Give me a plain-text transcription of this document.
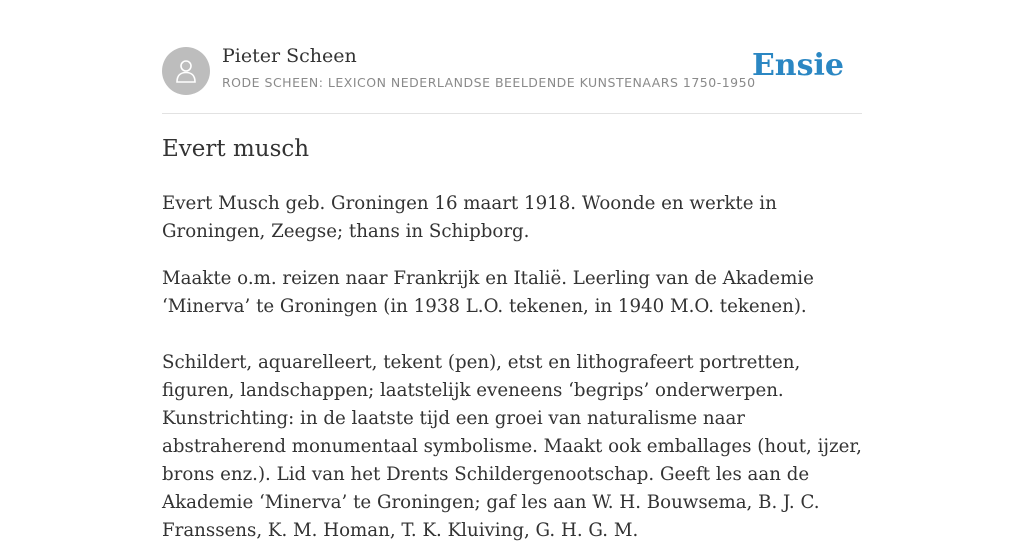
Pieter Scheen
RODE SCHEEN: LEXICON NEDERLANDSE BEELDENDE KUNSTENAARS 1750-1950
Ensie
Evert musch

Evert Musch geb. Groningen 16 maart 1918. Woonde en werkte in Groningen, Zeegse; thans in Schipborg.

Maakte o.m. reizen naar Frankrijk en Italië. Leerling van de Akademie ‘Minerva’ te Groningen (in 1938 L.O. tekenen, in 1940 M.O. tekenen).

Schildert, aquarelleert, tekent (pen), etst en lithografeert portretten, figuren, landschappen; laatstelijk eveneens ‘begrips’ onderwerpen. Kunstrichting: in de laatste tijd een groei van naturalisme naar abstraherend monumentaal symbolisme. Maakt ook emballages (hout, ijzer, brons enz.). Lid van het Drents Schildergenootschap. Geeft les aan de Akademie ‘Minerva’ te Groningen; gaf les aan W. H. Bouwsema, B. J. C. Franssens, K. M. Homan, T. K. Kluiving, G. H. G. M.
